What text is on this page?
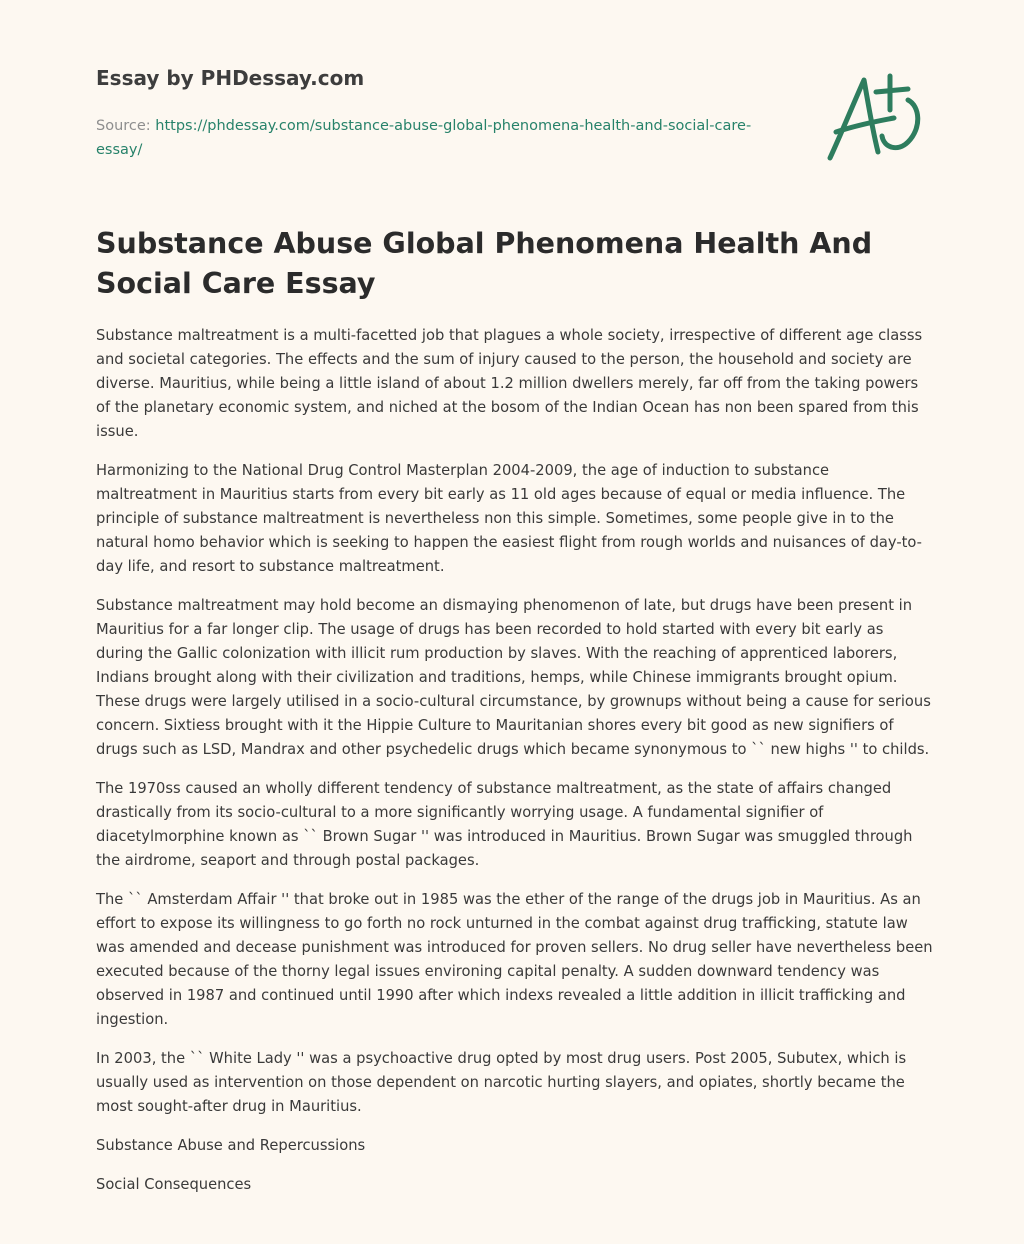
Essay by PHDessay.com

Source: https://phdessay.com/substance-abuse-global-phenomena-health-and-social-care-essay/
Substance Abuse Global Phenomena Health And Social Care Essay

Substance maltreatment is a multi-facetted job that plagues a whole society, irrespective of different age classs and societal categories. The effects and the sum of injury caused to the person, the household and society are diverse. Mauritius, while being a little island of about 1.2 million dwellers merely, far off from the taking powers of the planetary economic system, and niched at the bosom of the Indian Ocean has non been spared from this issue.

Harmonizing to the National Drug Control Masterplan 2004-2009, the age of induction to substance maltreatment in Mauritius starts from every bit early as 11 old ages because of equal or media influence. The principle of substance maltreatment is nevertheless non this simple. Sometimes, some people give in to the natural homo behavior which is seeking to happen the easiest flight from rough worlds and nuisances of day-to-day life, and resort to substance maltreatment.

Substance maltreatment may hold become an dismaying phenomenon of late, but drugs have been present in Mauritius for a far longer clip. The usage of drugs has been recorded to hold started with every bit early as during the Gallic colonization with illicit rum production by slaves. With the reaching of apprenticed laborers, Indians brought along with their civilization and traditions, hemps, while Chinese immigrants brought opium. These drugs were largely utilised in a socio-cultural circumstance, by grownups without being a cause for serious concern. Sixtiess brought with it the Hippie Culture to Mauritanian shores every bit good as new signifiers of drugs such as LSD, Mandrax and other psychedelic drugs which became synonymous to `` new highs '' to childs.

The 1970ss caused an wholly different tendency of substance maltreatment, as the state of affairs changed drastically from its socio-cultural to a more significantly worrying usage. A fundamental signifier of diacetylmorphine known as `` Brown Sugar '' was introduced in Mauritius. Brown Sugar was smuggled through the airdrome, seaport and through postal packages.

The `` Amsterdam Affair '' that broke out in 1985 was the ether of the range of the drugs job in Mauritius. As an effort to expose its willingness to go forth no rock unturned in the combat against drug trafficking, statute law was amended and decease punishment was introduced for proven sellers. No drug seller have nevertheless been executed because of the thorny legal issues environing capital penalty. A sudden downward tendency was observed in 1987 and continued until 1990 after which indexs revealed a little addition in illicit trafficking and ingestion.

In 2003, the `` White Lady '' was a psychoactive drug opted by most drug users. Post 2005, Subutex, which is usually used as intervention on those dependent on narcotic hurting slayers, and opiates, shortly became the most sought-after drug in Mauritius.

Substance Abuse and Repercussions

Social Consequences
